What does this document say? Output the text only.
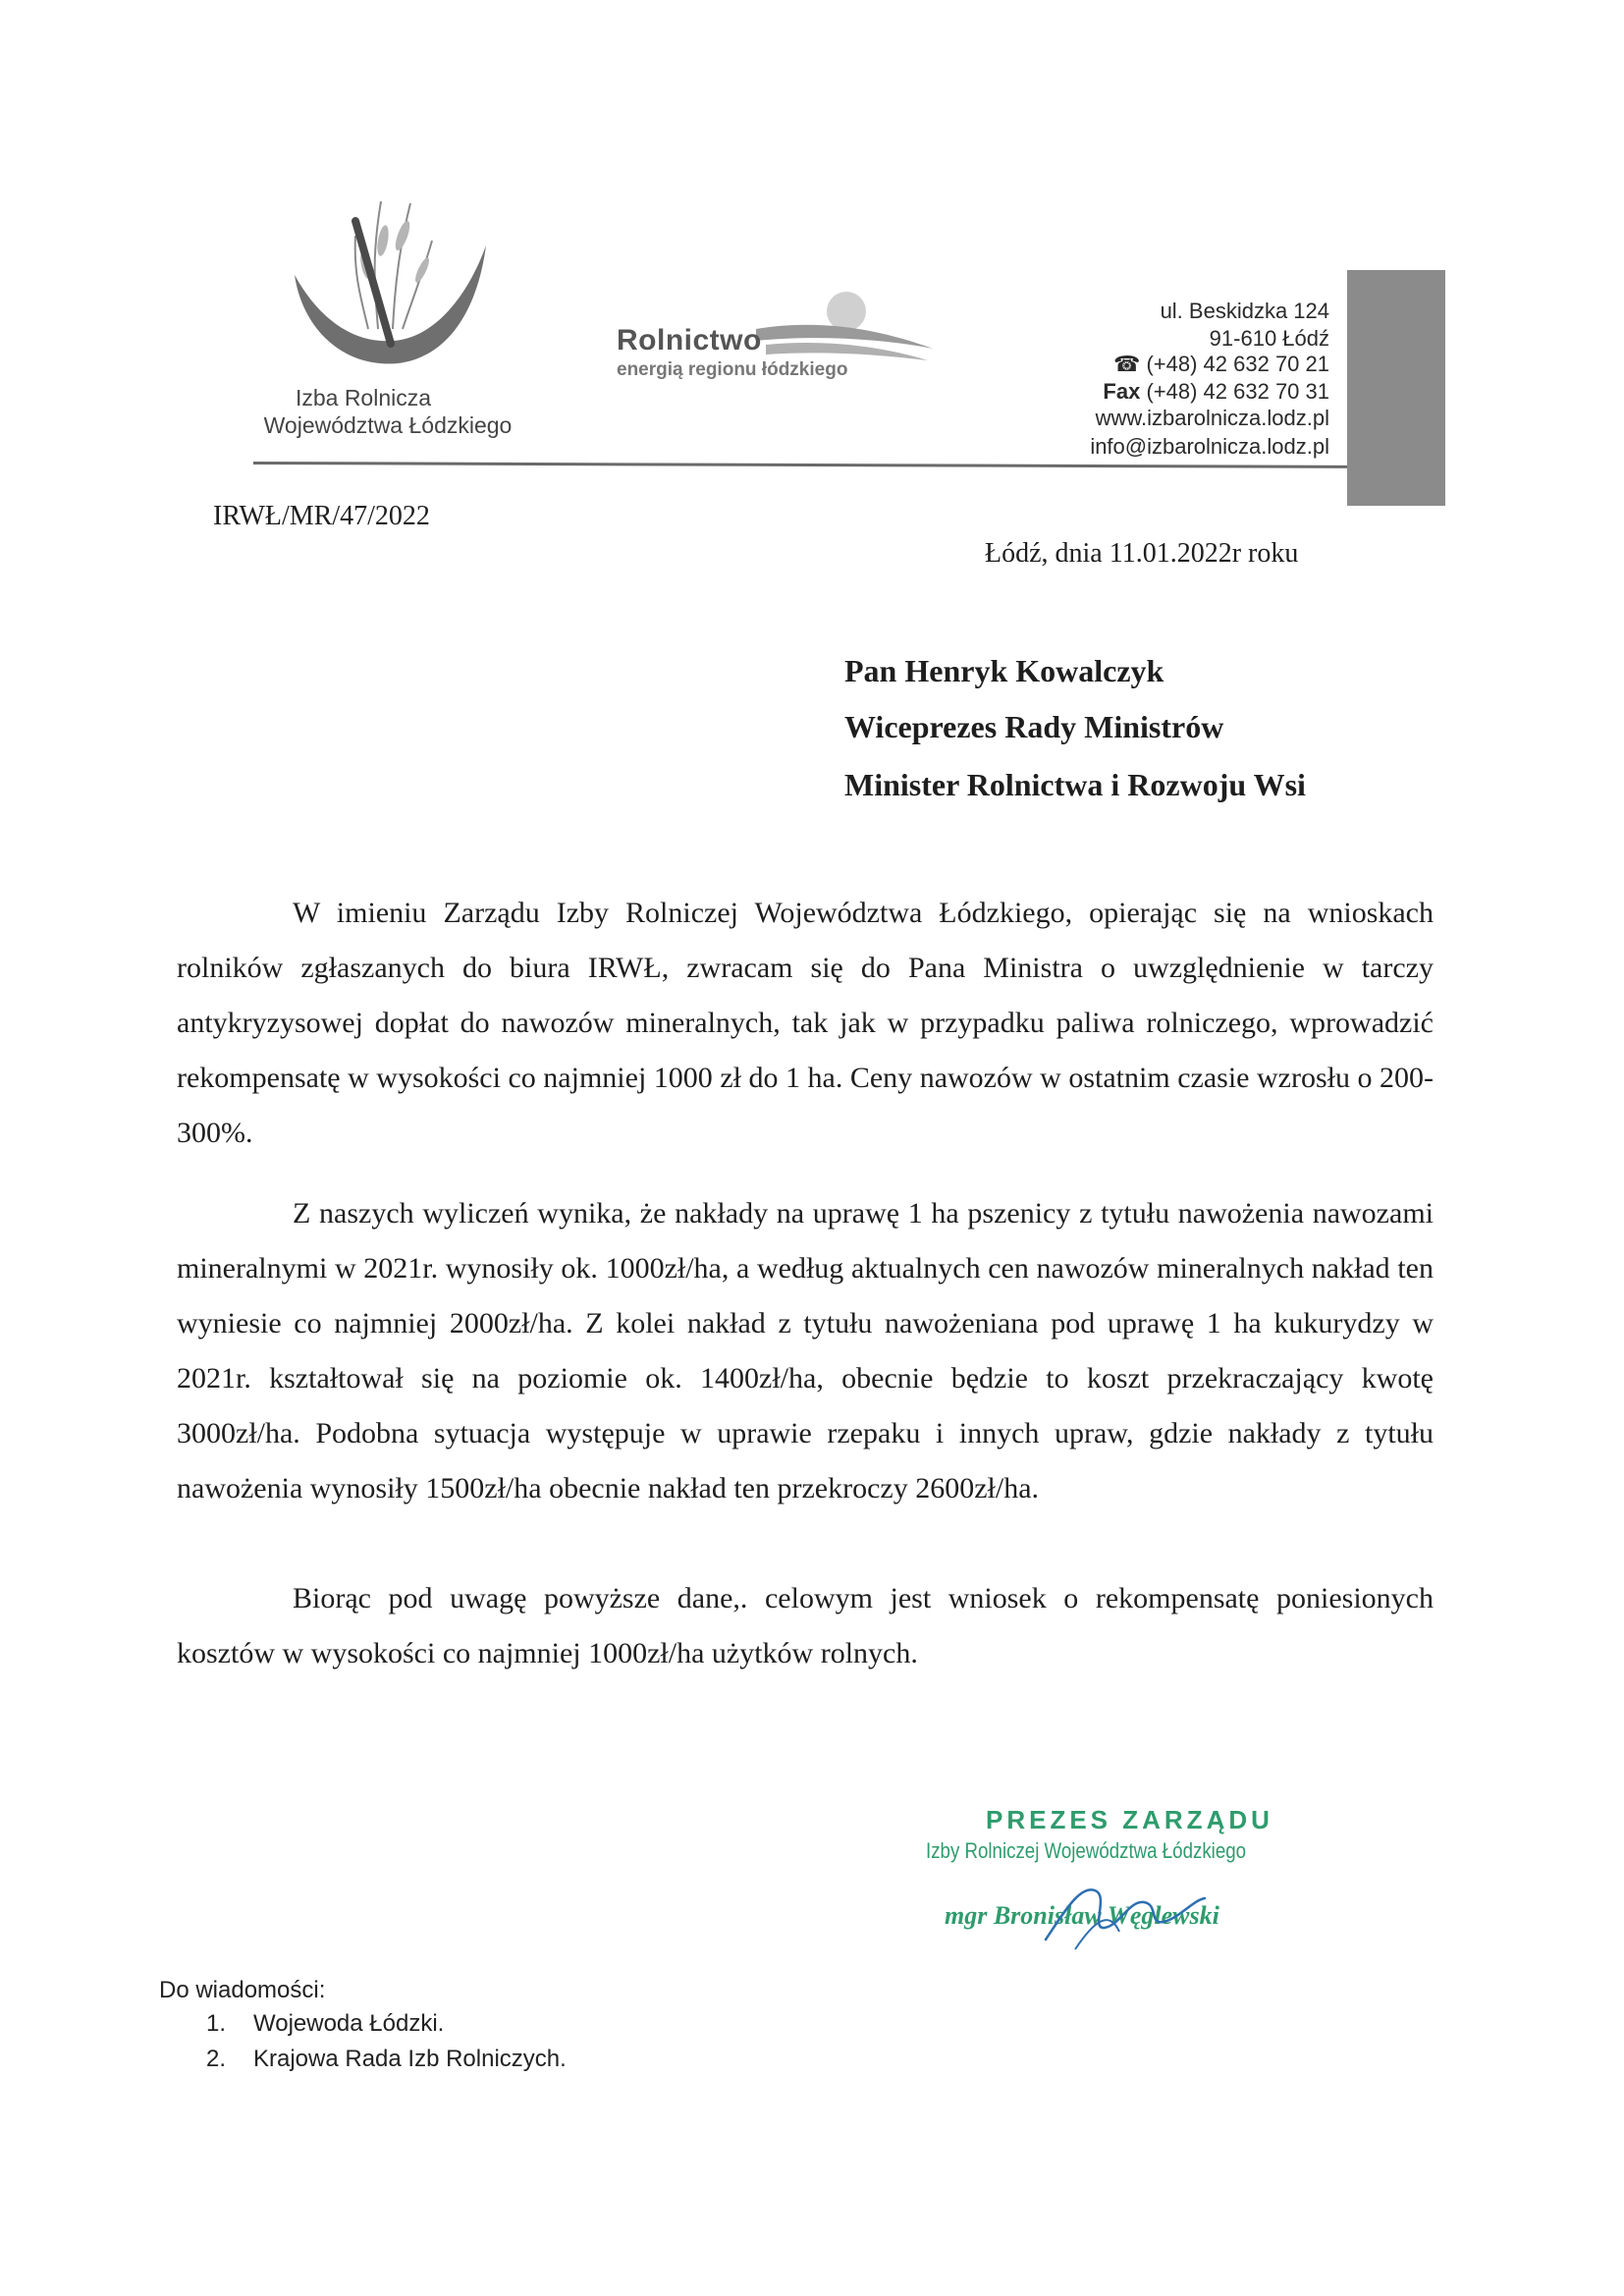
Izba Rolnicza
Województwa Łódzkiego
Rolnictwo
energią regionu łódzkiego
ul. Beskidzka 124
91-610 Łódź
☎ (+48) 42 632 70 21
Fax (+48) 42 632 70 31
www.izbarolnicza.lodz.pl
info@izbarolnicza.lodz.pl
IRWŁ/MR/47/2022
Łódź, dnia 11.01.2022r roku
Pan Henryk Kowalczyk
Wiceprezes Rady Ministrów
Minister Rolnictwa i Rozwoju Wsi

W imieniu Zarządu Izby Rolniczej Województwa Łódzkiego, opierając się na wnioskach rolników zgłaszanych do biura IRWŁ, zwracam się do Pana Ministra o uwzględnienie w tarczy antykryzysowej dopłat do nawozów mineralnych, tak jak w przypadku paliwa rolniczego, wprowadzić rekompensatę w wysokości co najmniej 1000 zł do 1 ha. Ceny nawozów w ostatnim czasie wzrosłu o 200-300%.

Z naszych wyliczeń wynika, że nakłady na uprawę 1 ha pszenicy z tytułu nawożenia nawozami mineralnymi w 2021r. wynosiły ok. 1000zł/ha, a według aktualnych cen nawozów mineralnych nakład ten wyniesie co najmniej 2000zł/ha. Z kolei nakład z tytułu nawożeniana pod uprawę 1 ha kukurydzy w 2021r. kształtował się na poziomie ok. 1400zł/ha, obecnie będzie to koszt przekraczający kwotę 3000zł/ha. Podobna sytuacja występuje w uprawie rzepaku i innych upraw, gdzie nakłady z tytułu nawożenia wynosiły 1500zł/ha obecnie nakład ten przekroczy 2600zł/ha.

Biorąc pod uwagę powyższe dane,. celowym jest wniosek o rekompensatę poniesionych kosztów w wysokości co najmniej 1000zł/ha użytków rolnych.

PREZES ZARZĄDU
Izby Rolniczej Województwa Łódzkiego
mgr Bronisław Węglewski
Do wiadomości:
1. Wojewoda Łódzki.
2. Krajowa Rada Izb Rolniczych.
